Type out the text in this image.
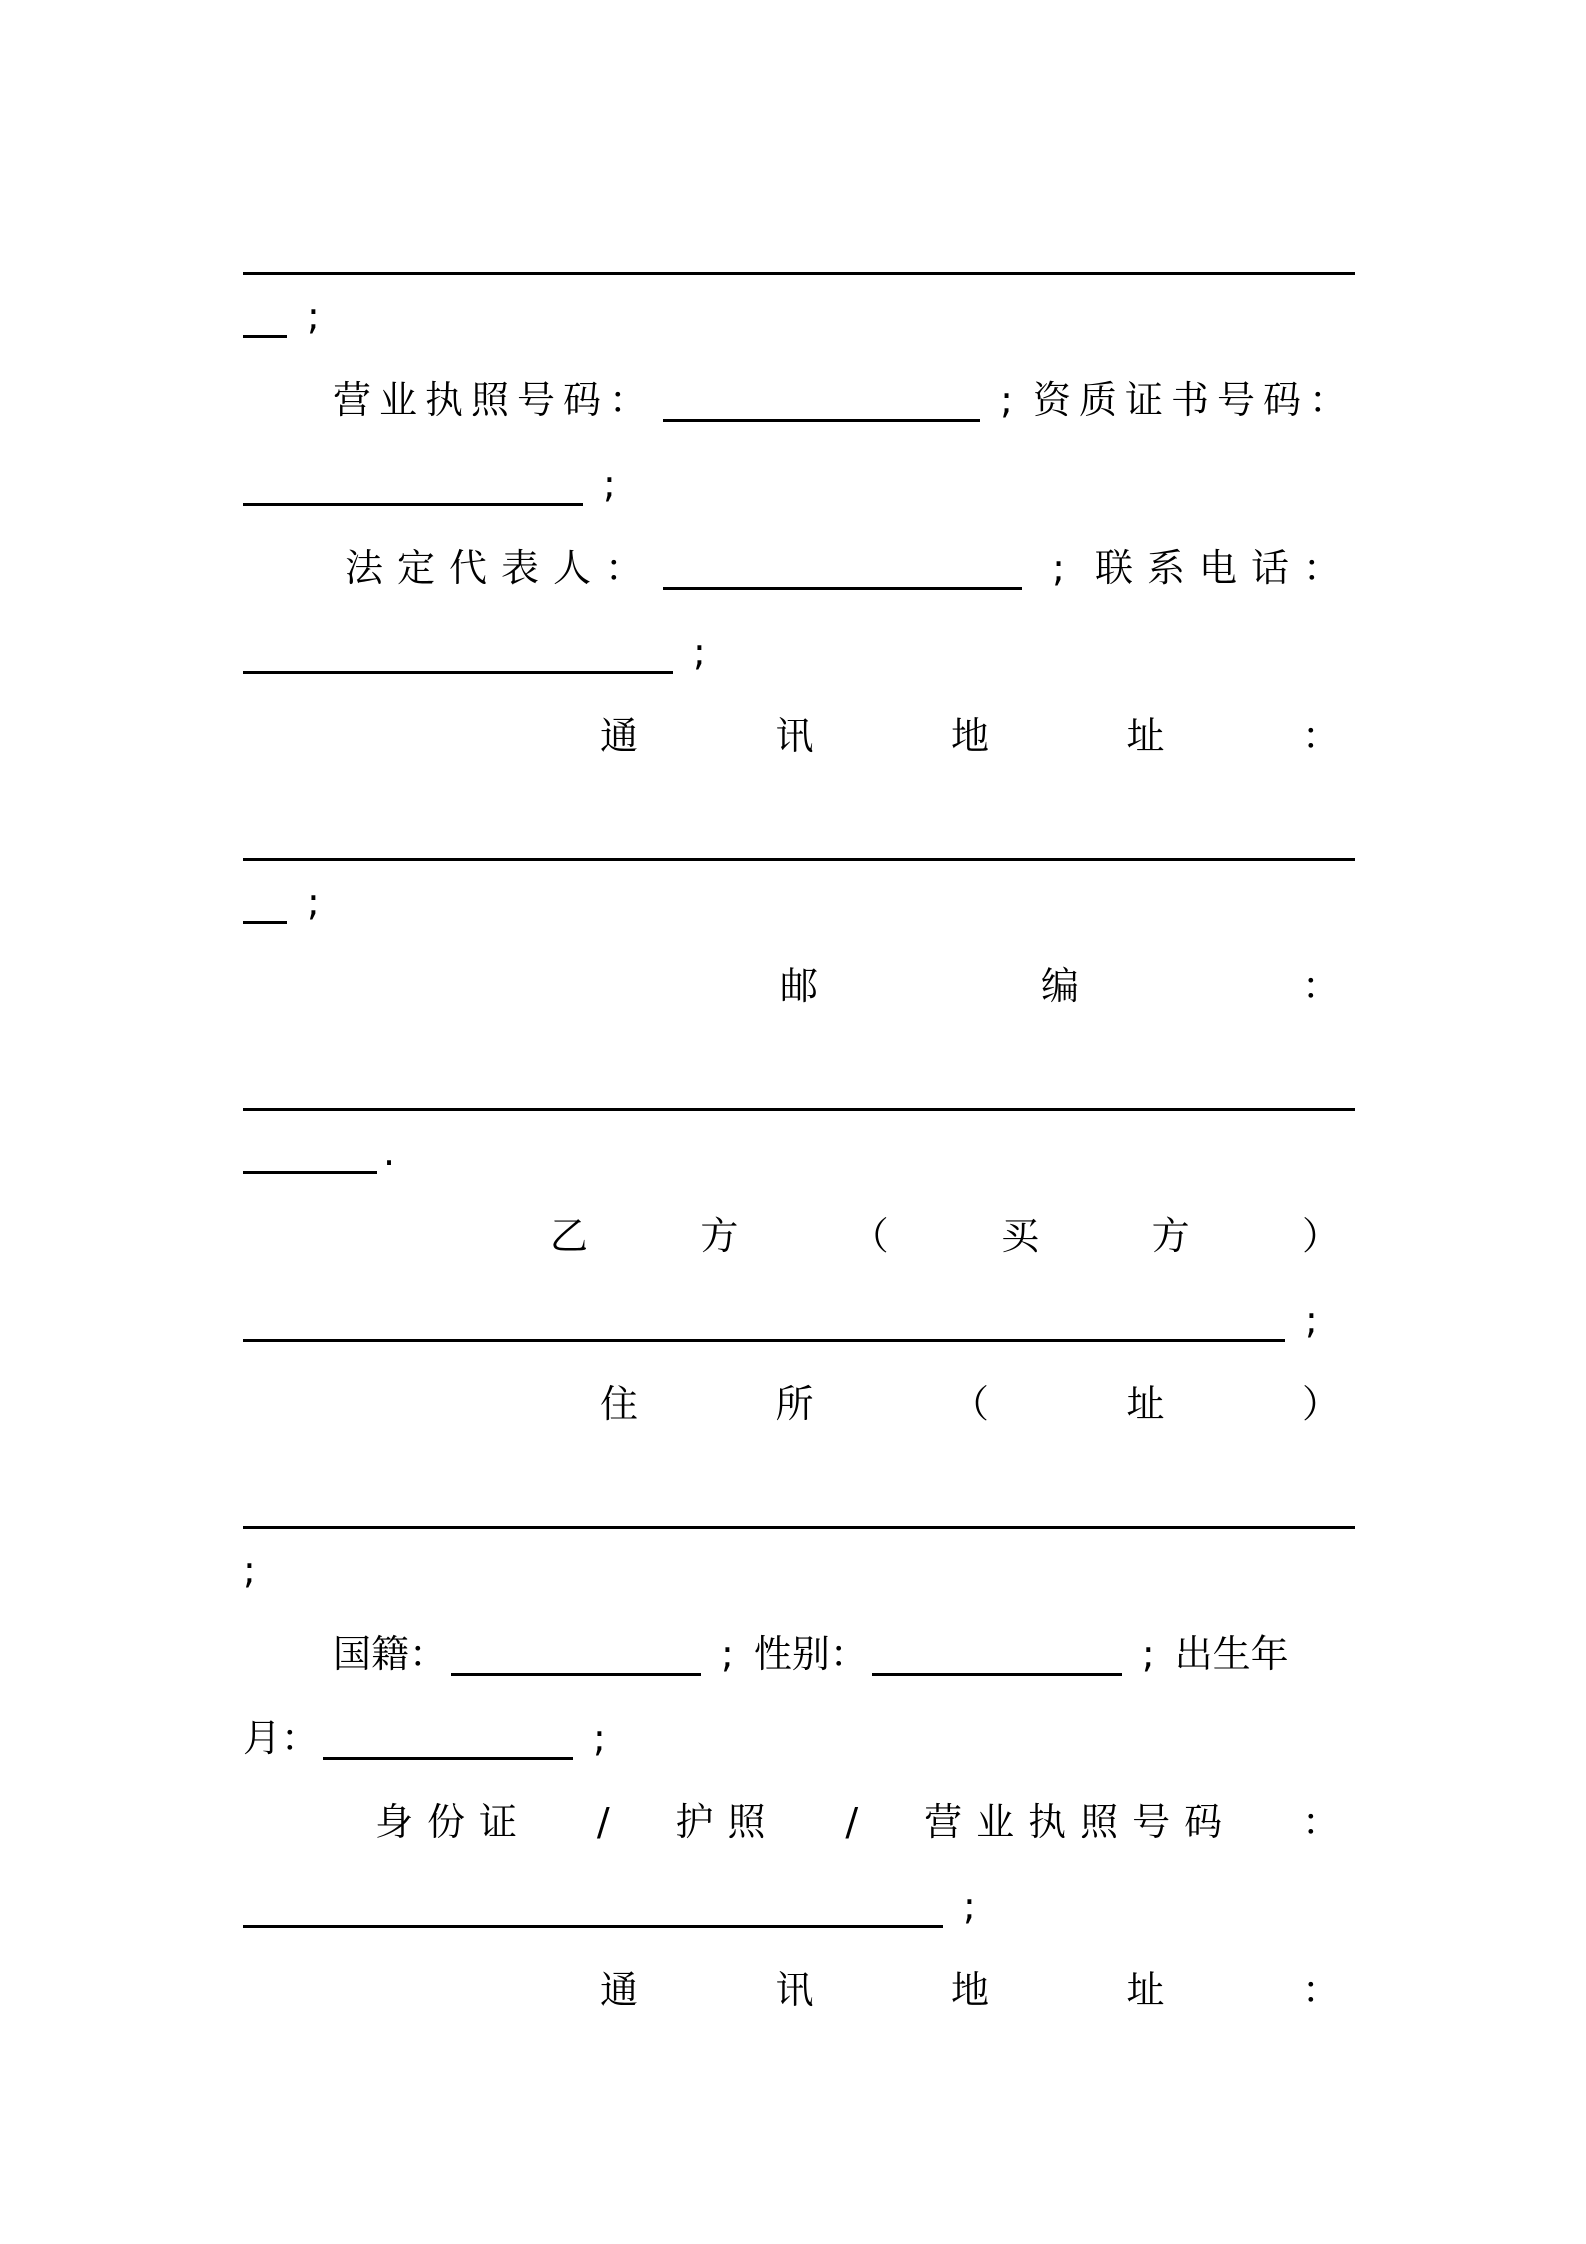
;
营业执照号码：	; 资质证书号码：
;
法定代表人：	; 联系电话：
;
通	讯	地	址	：
;
邮	编	：
.
乙	方	（	买	方	）
;
住	所	（	址	）
;
国籍：	; 性别：	; 出生年
月：	;
身份证 / 护照 / 营业执照号码 ：
;
通	讯	地	址	：
